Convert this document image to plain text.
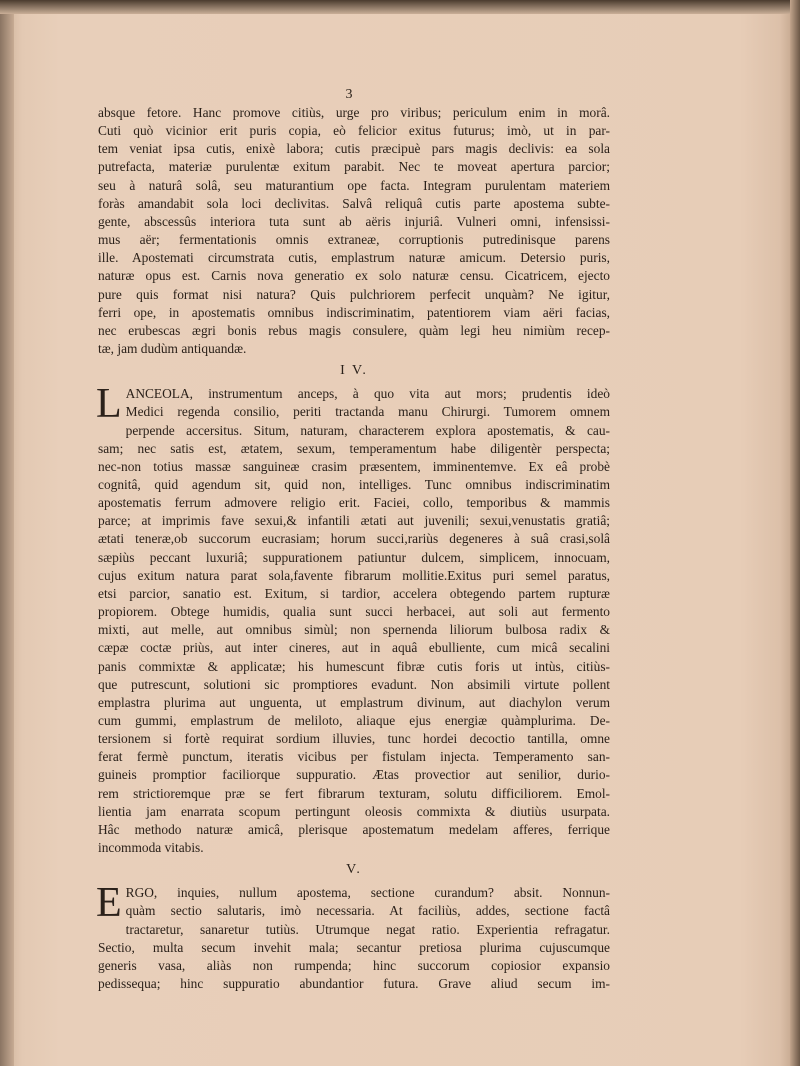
3
absque fetore. Hanc promove citiùs, urge pro viribus; periculum enim in morâ.
Cuti quò vicinior erit puris copia, eò felicior exitus futurus; imò, ut in par-
tem veniat ipsa cutis, enixè labora; cutis præcipuè pars magis declivis: ea sola
putrefacta, materiæ purulentæ exitum parabit. Nec te moveat apertura parcior;
seu à naturâ solâ, seu maturantium ope facta. Integram purulentam materiem
foràs amandabit sola loci declivitas. Salvâ reliquâ cutis parte apostema subte-
gente, abscessûs interiora tuta sunt ab aëris injuriâ. Vulneri omni, infensissi-
mus aër; fermentationis omnis extraneæ, corruptionis putredinisque parens
ille. Apostemati circumstrata cutis, emplastrum naturæ amicum. Detersio puris,
naturæ opus est. Carnis nova generatio ex solo naturæ censu. Cicatricem, ejecto
pure quis format nisi natura? Quis pulchriorem perfecit unquàm? Ne igitur,
ferri ope, in apostematis omnibus indiscriminatim, patentiorem viam aëri facias,
nec erubescas ægri bonis rebus magis consulere, quàm legi heu nimiùm recep-
tæ, jam dudùm antiquandæ.
I V.
L ANCEOLA, instrumentum anceps, à quo vita aut mors; prudentis ideò
Medici regenda consilio, periti tractanda manu Chirurgi. Tumorem omnem
perpende accersitus. Situm, naturam, characterem explora apostematis, & cau-
sam; nec satis est, ætatem, sexum, temperamentum habe diligentèr perspecta;
nec-non totius massæ sanguineæ crasim præsentem, imminentemve. Ex eâ probè
cognitâ, quid agendum sit, quid non, intelliges. Tunc omnibus indiscriminatim
apostematis ferrum admovere religio erit. Faciei, collo, temporibus & mammis
parce; at imprimis fave sexui,& infantili ætati aut juvenili; sexui,venustatis gratiâ;
ætati teneræ,ob succorum eucrasiam; horum succi,rariùs degeneres à suâ crasi,solâ
sæpiùs peccant luxuriâ; suppurationem patiuntur dulcem, simplicem, innocuam,
cujus exitum natura parat sola,favente fibrarum mollitie.Exitus puri semel paratus,
etsi parcior, sanatio est. Exitum, si tardior, accelera obtegendo partem rupturæ
propiorem. Obtege humidis, qualia sunt succi herbacei, aut soli aut fermento
mixti, aut melle, aut omnibus simùl; non spernenda liliorum bulbosa radix &
cæpæ coctæ priùs, aut inter cineres, aut in aquâ ebulliente, cum micâ secalini
panis commixtæ & applicatæ; his humescunt fibræ cutis foris ut intùs, citiùs-
que putrescunt, solutioni sic promptiores evadunt. Non absimili virtute pollent
emplastra plurima aut unguenta, ut emplastrum divinum, aut diachylon verum
cum gummi, emplastrum de meliloto, aliaque ejus energiæ quàmplurima. De-
tersionem si fortè requirat sordium illuvies, tunc hordei decoctio tantilla, omne
ferat fermè punctum, iteratis vicibus per fistulam injecta. Temperamento san-
guineis promptior faciliorque suppuratio. Ætas provectior aut senilior, durio-
rem strictioremque præ se fert fibrarum texturam, solutu difficiliorem. Emol-
lientia jam enarrata scopum pertingunt oleosis commixta & diutiùs usurpata.
Hâc methodo naturæ amicâ, plerisque apostematum medelam afferes, ferrique
incommoda vitabis.
V.
E RGO, inquies, nullum apostema, sectione curandum? absit. Nonnun-
quàm sectio salutaris, imò necessaria. At faciliùs, addes, sectione factâ
tractaretur, sanaretur tutiùs. Utrumque negat ratio. Experientia refragatur.
Sectio, multa secum invehit mala; secantur pretiosa plurima cujuscumque
generis vasa, aliàs non rumpenda; hinc succorum copiosior expansio
pedissequa; hinc suppuratio abundantior futura. Grave aliud secum im-
